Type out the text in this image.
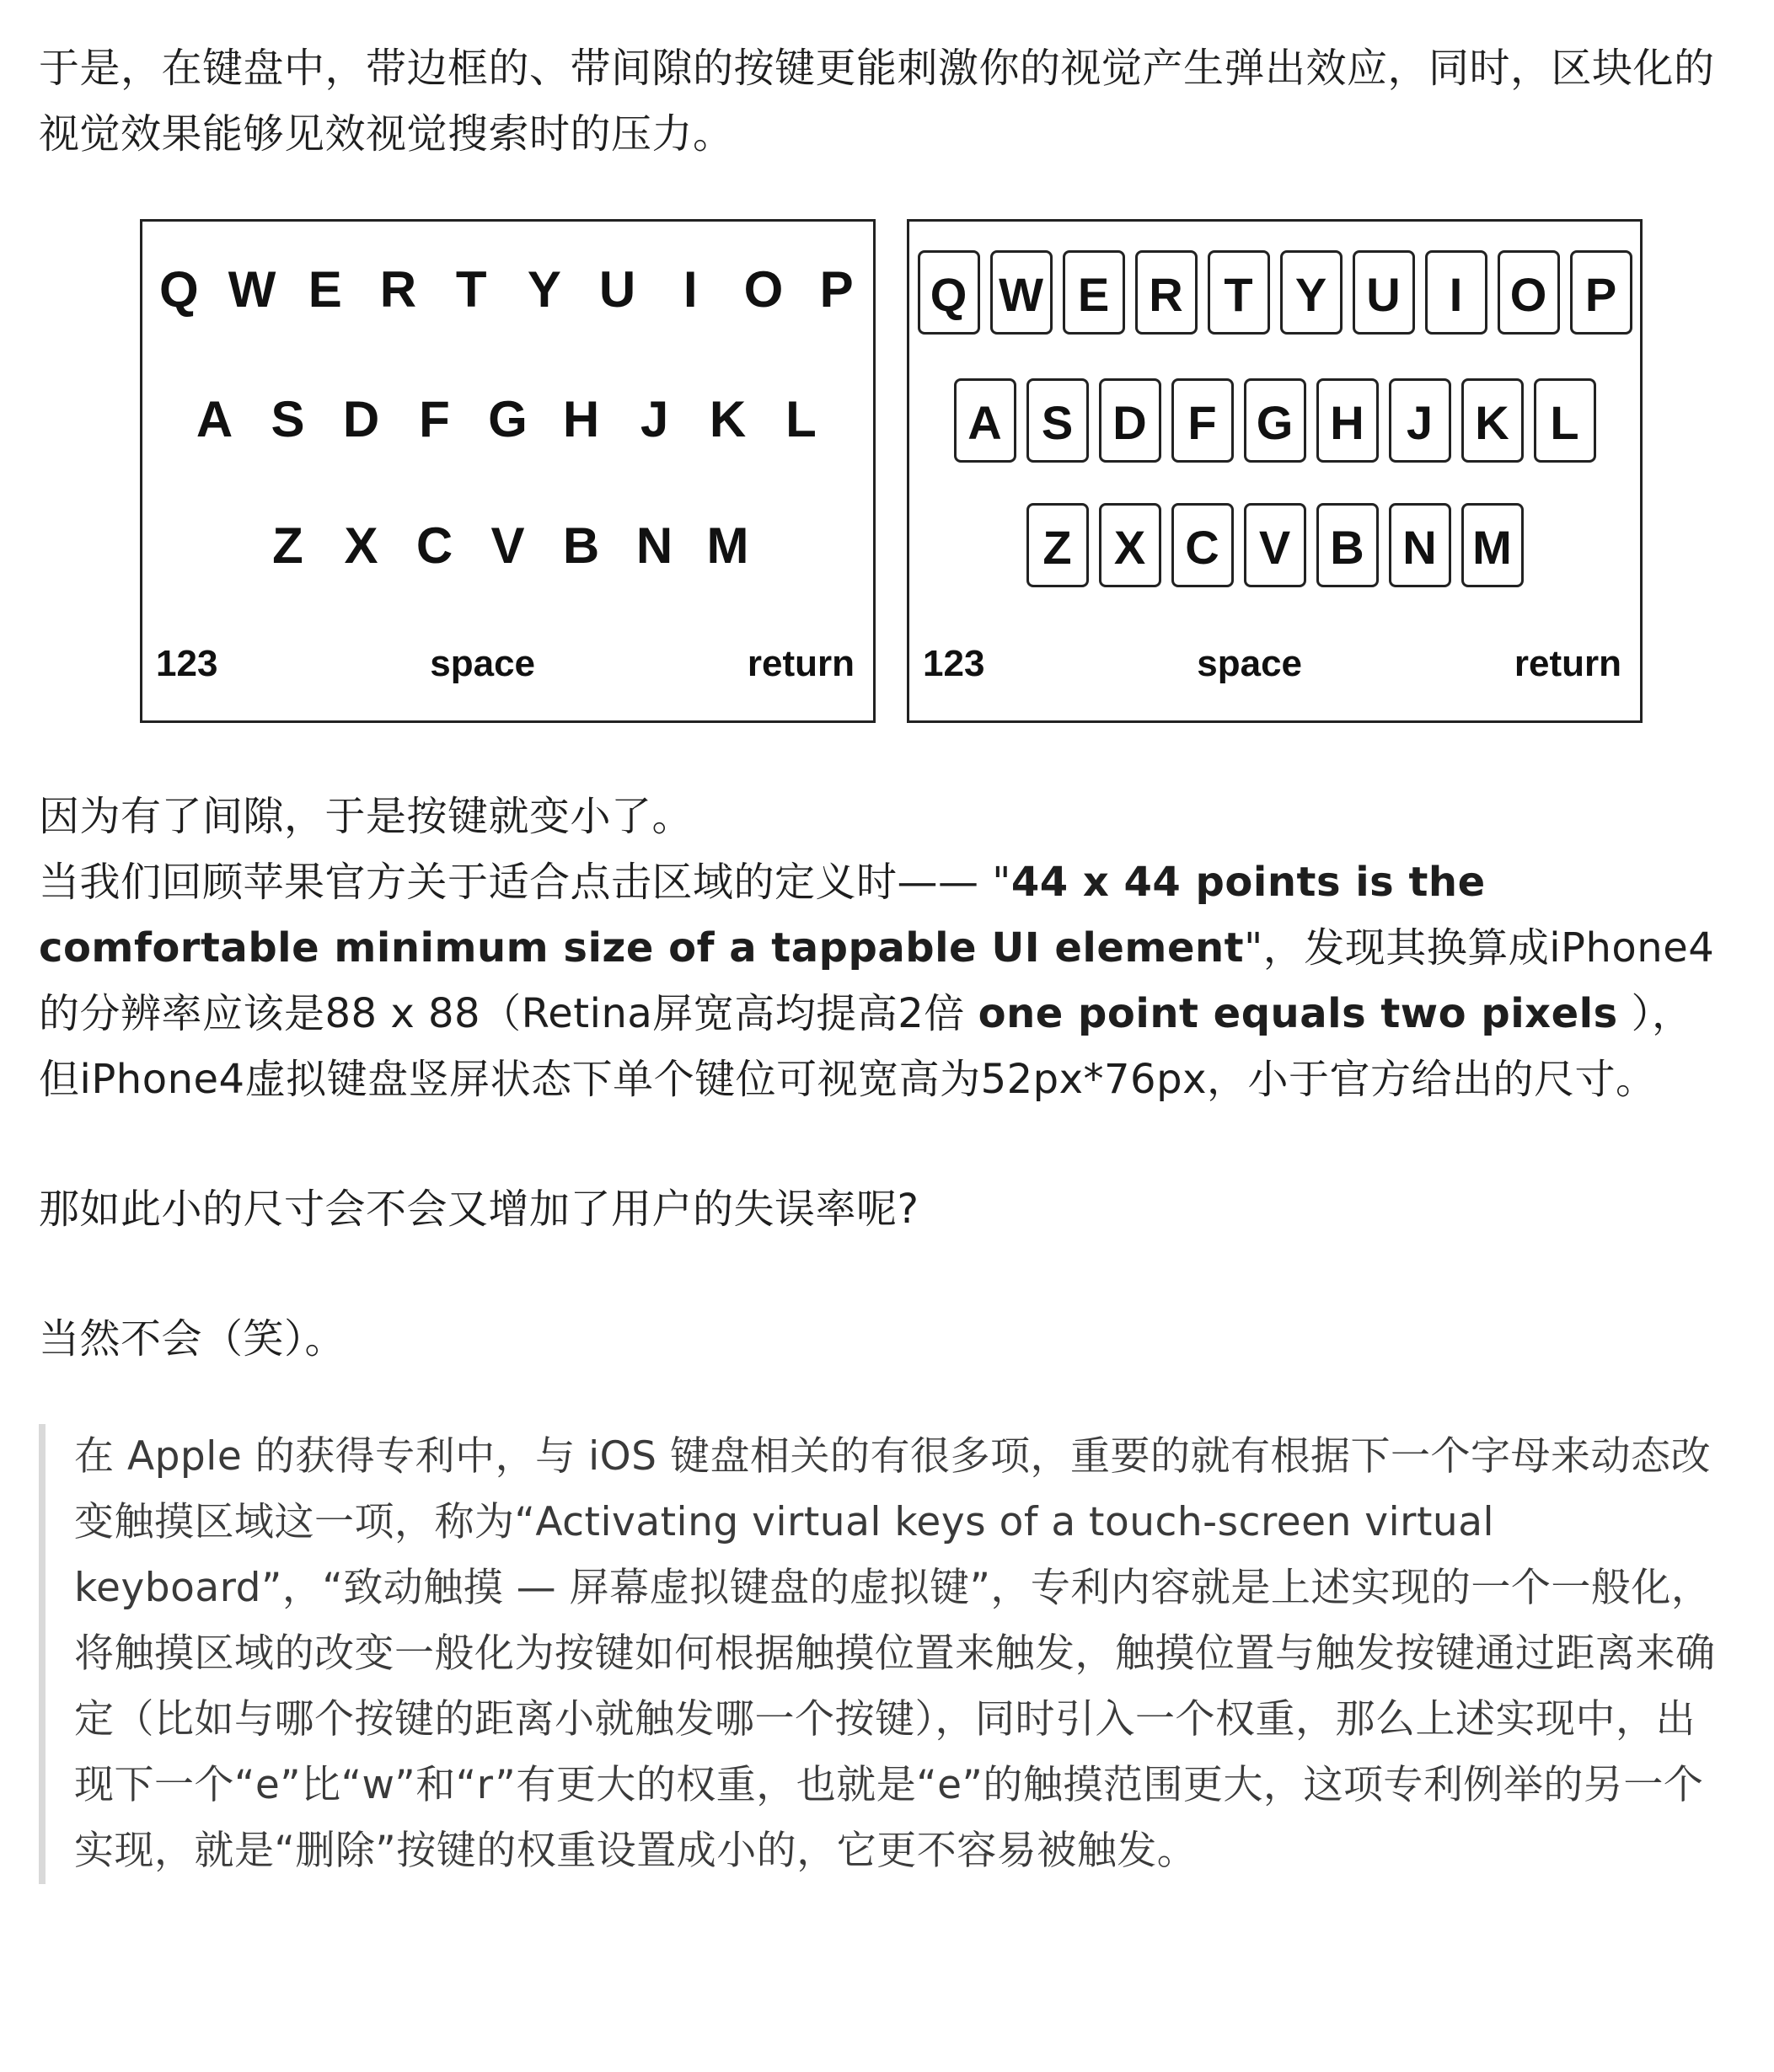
于是，在键盘中，带边框的、带间隙的按键更能刺激你的视觉产生弹出效应，同时，区块化的视觉效果能够见效视觉搜索时的压力。

Q W E R T Y U I O P
A S D F G H J K L
Z X C V B N M
123	space	return
Q W E R T Y U	I	O P
A S D F G H J K L
Z X C V B N M
123	space	return

因为有了间隙，于是按键就变小了。

当我们回顾苹果官方关于适合点击区域的定义时—— "44 x 44 points is the comfortable minimum size of a tappable UI element"，发现其换算成iPhone4的分辨率应该是88 x 88（Retina屏宽高均提高2倍 one point equals two pixels ），但iPhone4虚拟键盘竖屏状态下单个键位可视宽高为52px*76px，小于官方给出的尺寸。

那如此小的尺寸会不会又增加了用户的失误率呢?

当然不会（笑）。

在 Apple 的获得专利中，与 iOS 键盘相关的有很多项，重要的就有根据下一个字母来动态改变触摸区域这一项，称为“Activating virtual keys of a touch-screen virtual keyboard”，“致动触摸 — 屏幕虚拟键盘的虚拟键”，专利内容就是上述实现的一个一般化，将触摸区域的改变一般化为按键如何根据触摸位置来触发，触摸位置与触发按键通过距离来确定（比如与哪个按键的距离小就触发哪一个按键），同时引入一个权重，那么上述实现中，出现下一个“e”比“w”和“r”有更大的权重，也就是“e”的触摸范围更大，这项专利例举的另一个实现，就是“删除”按键的权重设置成小的，它更不容易被触发。
